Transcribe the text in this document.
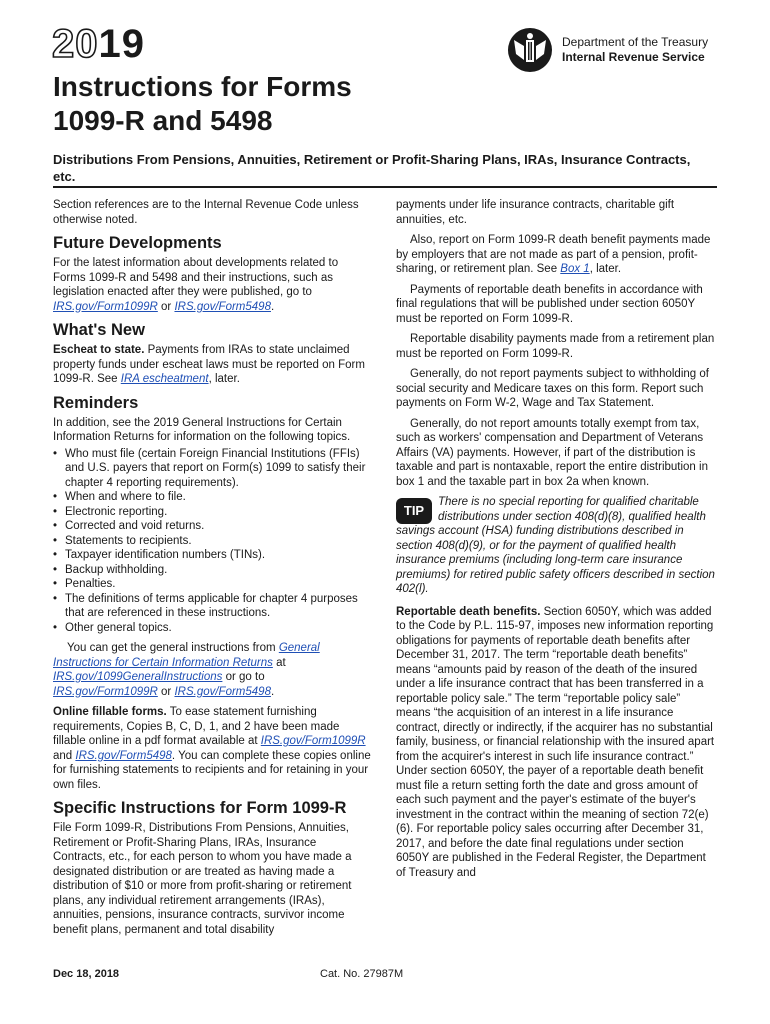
2019	Department of the Treasury
Internal Revenue Service
Instructions for Forms
1099-R and 5498
Distributions From Pensions, Annuities, Retirement or Profit-Sharing Plans, IRAs, Insurance Contracts, etc.

Section references are to the Internal Revenue Code unless otherwise noted.

Future Developments

For the latest information about developments related to Forms 1099-R and 5498 and their instructions, such as legislation enacted after they were published, go to IRS.gov/Form1099R or IRS.gov/Form5498.

What's New

Escheat to state. Payments from IRAs to state unclaimed property funds under escheat laws must be reported on Form 1099-R. See IRA escheatment, later.

Reminders

In addition, see the 2019 General Instructions for Certain Information Returns for information on the following topics.

• Who must file (certain Foreign Financial Institutions (FFIs) and U.S. payers that report on Form(s) 1099 to satisfy their chapter 4 reporting requirements).
• When and where to file.
• Electronic reporting.
• Corrected and void returns.
• Statements to recipients.
• Taxpayer identification numbers (TINs).
• Backup withholding.
• Penalties.
• The definitions of terms applicable for chapter 4 purposes that are referenced in these instructions.
• Other general topics.

You can get the general instructions from General Instructions for Certain Information Returns at IRS.gov/1099GeneralInstructions or go to IRS.gov/Form1099R or IRS.gov/Form5498.

Online fillable forms. To ease statement furnishing requirements, Copies B, C, D, 1, and 2 have been made fillable online in a pdf format available at IRS.gov/Form1099R and IRS.gov/Form5498. You can complete these copies online for furnishing statements to recipients and for retaining in your own files.

Specific Instructions for Form 1099-R

File Form 1099-R, Distributions From Pensions, Annuities, Retirement or Profit-Sharing Plans, IRAs, Insurance Contracts, etc., for each person to whom you have made a designated distribution or are treated as having made a distribution of $10 or more from profit-sharing or retirement plans, any individual retirement arrangements (IRAs), annuities, pensions, insurance contracts, survivor income benefit plans, permanent and total disability

payments under life insurance contracts, charitable gift annuities, etc.

Also, report on Form 1099-R death benefit payments made by employers that are not made as part of a pension, profit-sharing, or retirement plan. See Box 1, later.

Payments of reportable death benefits in accordance with final regulations that will be published under section 6050Y must be reported on Form 1099-R.

Reportable disability payments made from a retirement plan must be reported on Form 1099-R.

Generally, do not report payments subject to withholding of social security and Medicare taxes on this form. Report such payments on Form W-2, Wage and Tax Statement.

Generally, do not report amounts totally exempt from tax, such as workers' compensation and Department of Veterans Affairs (VA) payments. However, if part of the distribution is taxable and part is nontaxable, report the entire distribution in box 1 and the taxable part in box 2a when known.

TIP
There is no special reporting for qualified charitable distributions under section 408(d)(8), qualified health savings account (HSA) funding distributions described in section 408(d)(9), or for the payment of qualified health insurance premiums (including long-term care insurance premiums) for retired public safety officers described in section 402(l).

Reportable death benefits. Section 6050Y, which was added to the Code by P.L. 115-97, imposes new information reporting obligations for payments of reportable death benefits after December 31, 2017. The term “reportable death benefits” means “amounts paid by reason of the death of the insured under a life insurance contract that has been transferred in a reportable policy sale.” The term “reportable policy sale” means “the acquisition of an interest in a life insurance contract, directly or indirectly, if the acquirer has no substantial family, business, or financial relationship with the insured apart from the acquirer's interest in such life insurance contract.” Under section 6050Y, the payer of a reportable death benefit must file a return setting forth the date and gross amount of each such payment and the payer's estimate of the buyer's investment in the contract within the meaning of section 72(e)(6). For reportable policy sales occurring after December 31, 2017, and before the date final regulations under section 6050Y are published in the Federal Register, the Department of Treasury and

Dec 18, 2018	Cat. No. 27987M
